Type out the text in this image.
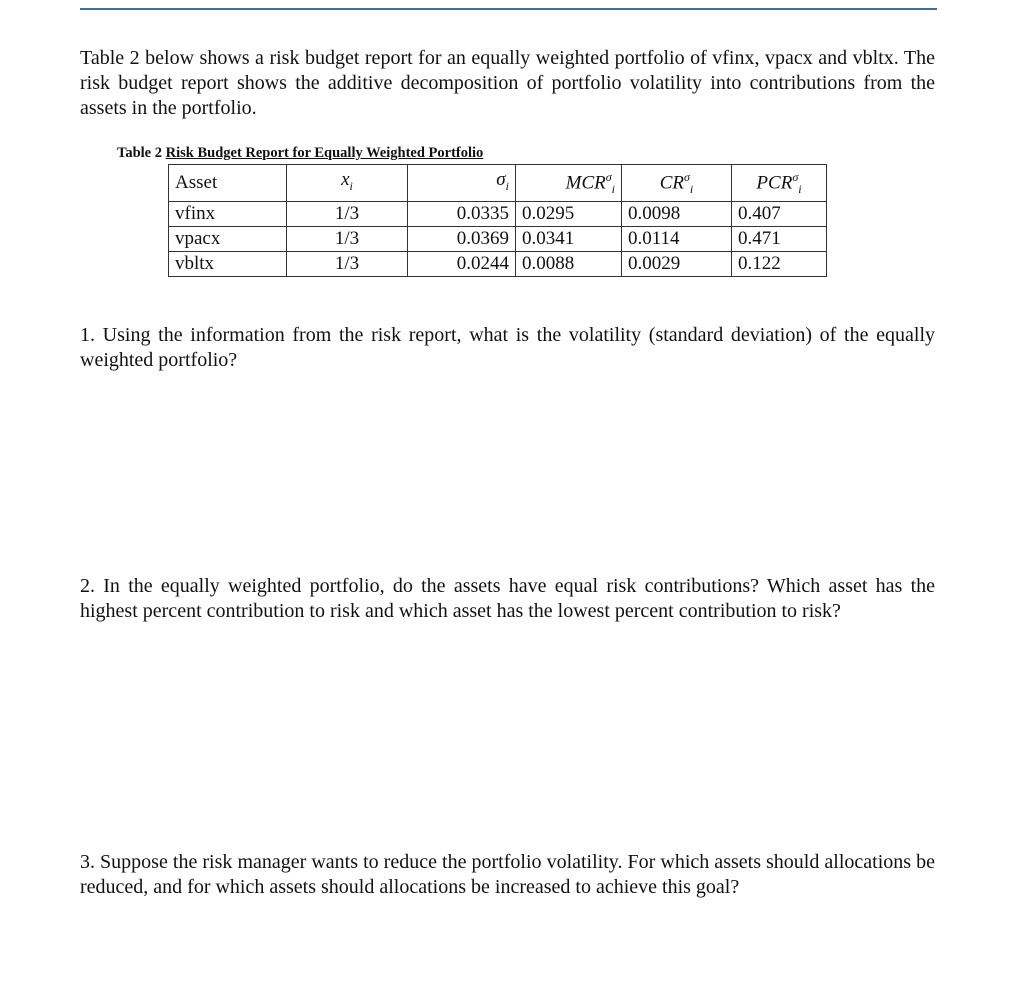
Table 2 below shows a risk budget report for an equally weighted portfolio of vfinx, vpacx and vbltx. The risk budget report shows the additive decomposition of portfolio volatility into contributions from the assets in the portfolio.

Table 2 Risk Budget Report for Equally Weighted Portfolio

Asset	$x_i$	$\sigma_i$	$MCR^\sigma_i$	$CR^\sigma_i$	$PCR^\sigma_i$
vfinx	1/3	0.0335	0.0295	0.0098	0.407
vpacx	1/3	0.0369	0.0341	0.0114	0.471
vbltx	1/3	0.0244	0.0088	0.0029	0.122

1. Using the information from the risk report, what is the volatility (standard deviation) of the equally weighted portfolio?

2. In the equally weighted portfolio, do the assets have equal risk contributions? Which asset has the highest percent contribution to risk and which asset has the lowest percent contribution to risk?

3. Suppose the risk manager wants to reduce the portfolio volatility. For which assets should allocations be reduced, and for which assets should allocations be increased to achieve this goal?
